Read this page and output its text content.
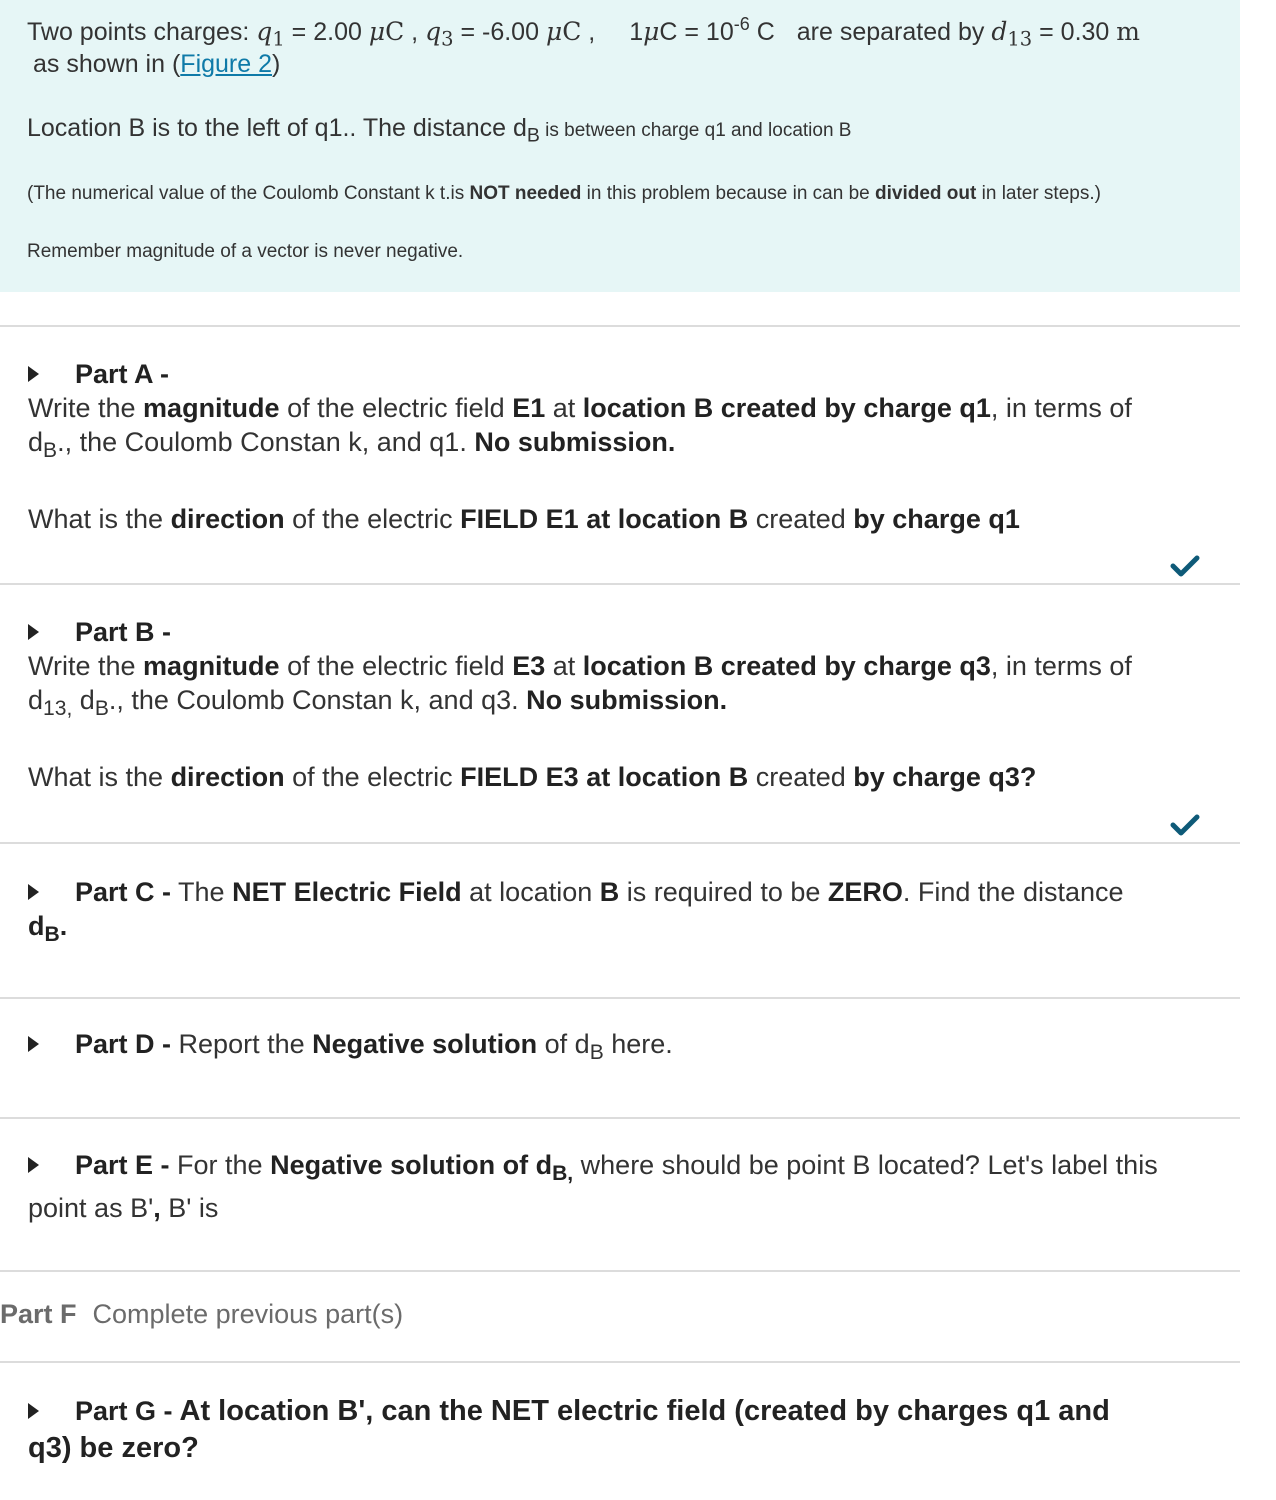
Two points charges: $q_1 = 2.00$ μC , $q_3 = -6.00$ μC , $1\mu C = 10^{-6}$ C are separated by $d_{13} = 0.30$ m
as shown in (Figure 2)
Location B is to the left of q1.. The distance $d_B$ is between charge q1 and location B
(The numerical value of the Coulomb Constant k t.is NOT needed in this problem because in can be divided out in later steps.)
Remember magnitude of a vector is never negative.
Part A -
Write the magnitude of the electric field E1 at location B created by charge q1, in terms of
$d_B$., the Coulomb Constan k, and q1. No submission.
What is the direction of the electric FIELD E1 at location B created by charge q1
Part B -
Write the magnitude of the electric field E3 at location B created by charge q3, in terms of
$d_{13,}$ $d_B$., the Coulomb Constan k, and q3. No submission.
What is the direction of the electric FIELD E3 at location B created by charge q3?
Part C - The NET Electric Field at location B is required to be ZERO. Find the distance
$d_B$.
Part D - Report the Negative solution of $d_B$ here.
Part E - For the Negative solution of $d_{B,}$ where should be point B located? Let's label this
point as B', B' is
Part F Complete previous part(s)
Part G - At location B', can the NET electric field (created by charges q1 and
q3) be zero?
